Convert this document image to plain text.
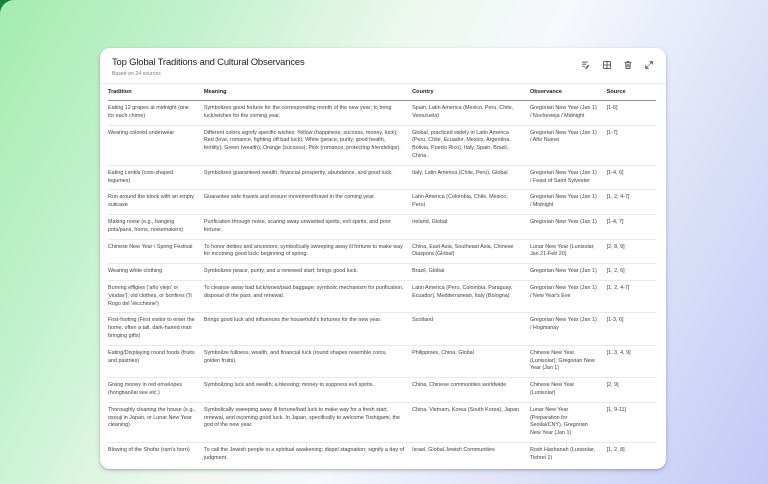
Top Global Traditions and Cultural Observances
Based on 24 sources
Tradition	Meaning	Country	Observance	Source
Eating 12 grapes at midnight (one for each chime)	Symbolizes good fortune for the corresponding month of the new year; to bring luck/wishes for the coming year.	Spain, Latin America (Mexico, Peru, Chile, Venezuela)	Gregorian New Year (Jan 1) / Nochevieja / Midnight	[1-6]
Wearing colored underwear	Different colors signify specific wishes: Yellow (happiness, success, money, luck); Red (love, romance, fighting off bad luck); White (peace, purity, good health, fertility); Green (wealth); Orange (success); Pink (romance, protecting friendships).	Global, practiced widely in Latin America (Peru, Chile, Ecuador, Mexico, Argentina, Bolivia, Puerto Rico), Italy, Spain, Brazil, China.	Gregorian New Year (Jan 1) / Año Nuevo	[1-7]
Eating Lentils (coin-shaped legumes)	Symbolizes guaranteed wealth, financial prosperity, abundance, and good luck.	Italy, Latin America (Chile, Peru), Global	Gregorian New Year (Jan 1) / Feast of Saint Sylvester	[1-4, 6]
Run around the block with an empty suitcase	Guarantee safe travels and ensure movement/travel in the coming year.	Latin America (Colombia, Chile, Mexico, Peru)	Gregorian New Year (Jan 1) / Midnight	[1, 2, 4-7]
Making noise (e.g., banging pots/pans, horns, noisemakers)	Purification through noise, scaring away unwanted spirits, evil spirits, and poor fortune.	Ireland, Global	Gregorian New Year (Jan 1)	[1-4, 7]
Chinese New Year / Spring Festival	To honor deities and ancestors; symbolically sweeping away ill fortune to make way for incoming good luck; beginning of spring.	China, East Asia, Southeast Asia, Chinese Diaspora (Global)	Lunar New Year (Lunisolar, Jan 21-Feb 20)	[2, 8, 9]
Wearing white clothing	Symbolizes peace, purity, and a renewed start; brings good luck.	Brazil, Global	Gregorian New Year (Jan 1)	[1, 2, 6]
Burning effigies ('año viejo' or 'viudas'), old clothes, or bonfires ('Il Rogo del Vecchione')	To cleanse away bad luck/woes/past baggage; symbolic mechanism for purification, disposal of the past, and renewal.	Latin America (Peru, Colombia, Paraguay, Ecuador), Mediterranean, Italy (Bologna)	Gregorian New Year (Jan 1) / New Year's Eve	[1, 2, 4-7]
First-footing (First visitor to enter the home, often a tall, dark-haired man bringing gifts)	Brings good luck and influences the household's fortunes for the new year.	Scotland	Gregorian New Year (Jan 1) / Hogmanay	[1-3, 6]
Eating/Displaying round foods (fruits and pastries)	Symbolize fullness, wealth, and financial luck (round shapes resemble coins, golden fruits).	Philippines, China, Global	Chinese New Year (Lunisolar), Gregorian New Year (Jan 1)	[1, 3, 4, 9]
Giving money in red envelopes (hongbao/lai see etc.)	Symbolizing luck and wealth; a blessing; money to suppress evil spirits.	China, Chinese communities worldwide	Chinese New Year (Lunisolar)	[2, 9]
Thoroughly cleaning the house (e.g., osouji in Japan, or Lunar New Year cleaning)	Symbolically sweeping away ill fortune/bad luck to make way for a fresh start, renewal, and incoming good luck. In Japan, specifically to welcome Toshigami, the god of the new year.	China, Vietnam, Korea (South Korea), Japan	Lunar New Year (Preparation for Seollal/CNY), Gregorian New Year (Jan 1)	[1, 9-11]
Blowing of the Shofar (ram's horn)	To call the Jewish people to a spiritual awakening; dispel stagnation; signify a day of judgment.	Israel, Global Jewish Communities	Rosh Hashanah (Lunisolar, Tishrei 1)	[1, 2, 8]
